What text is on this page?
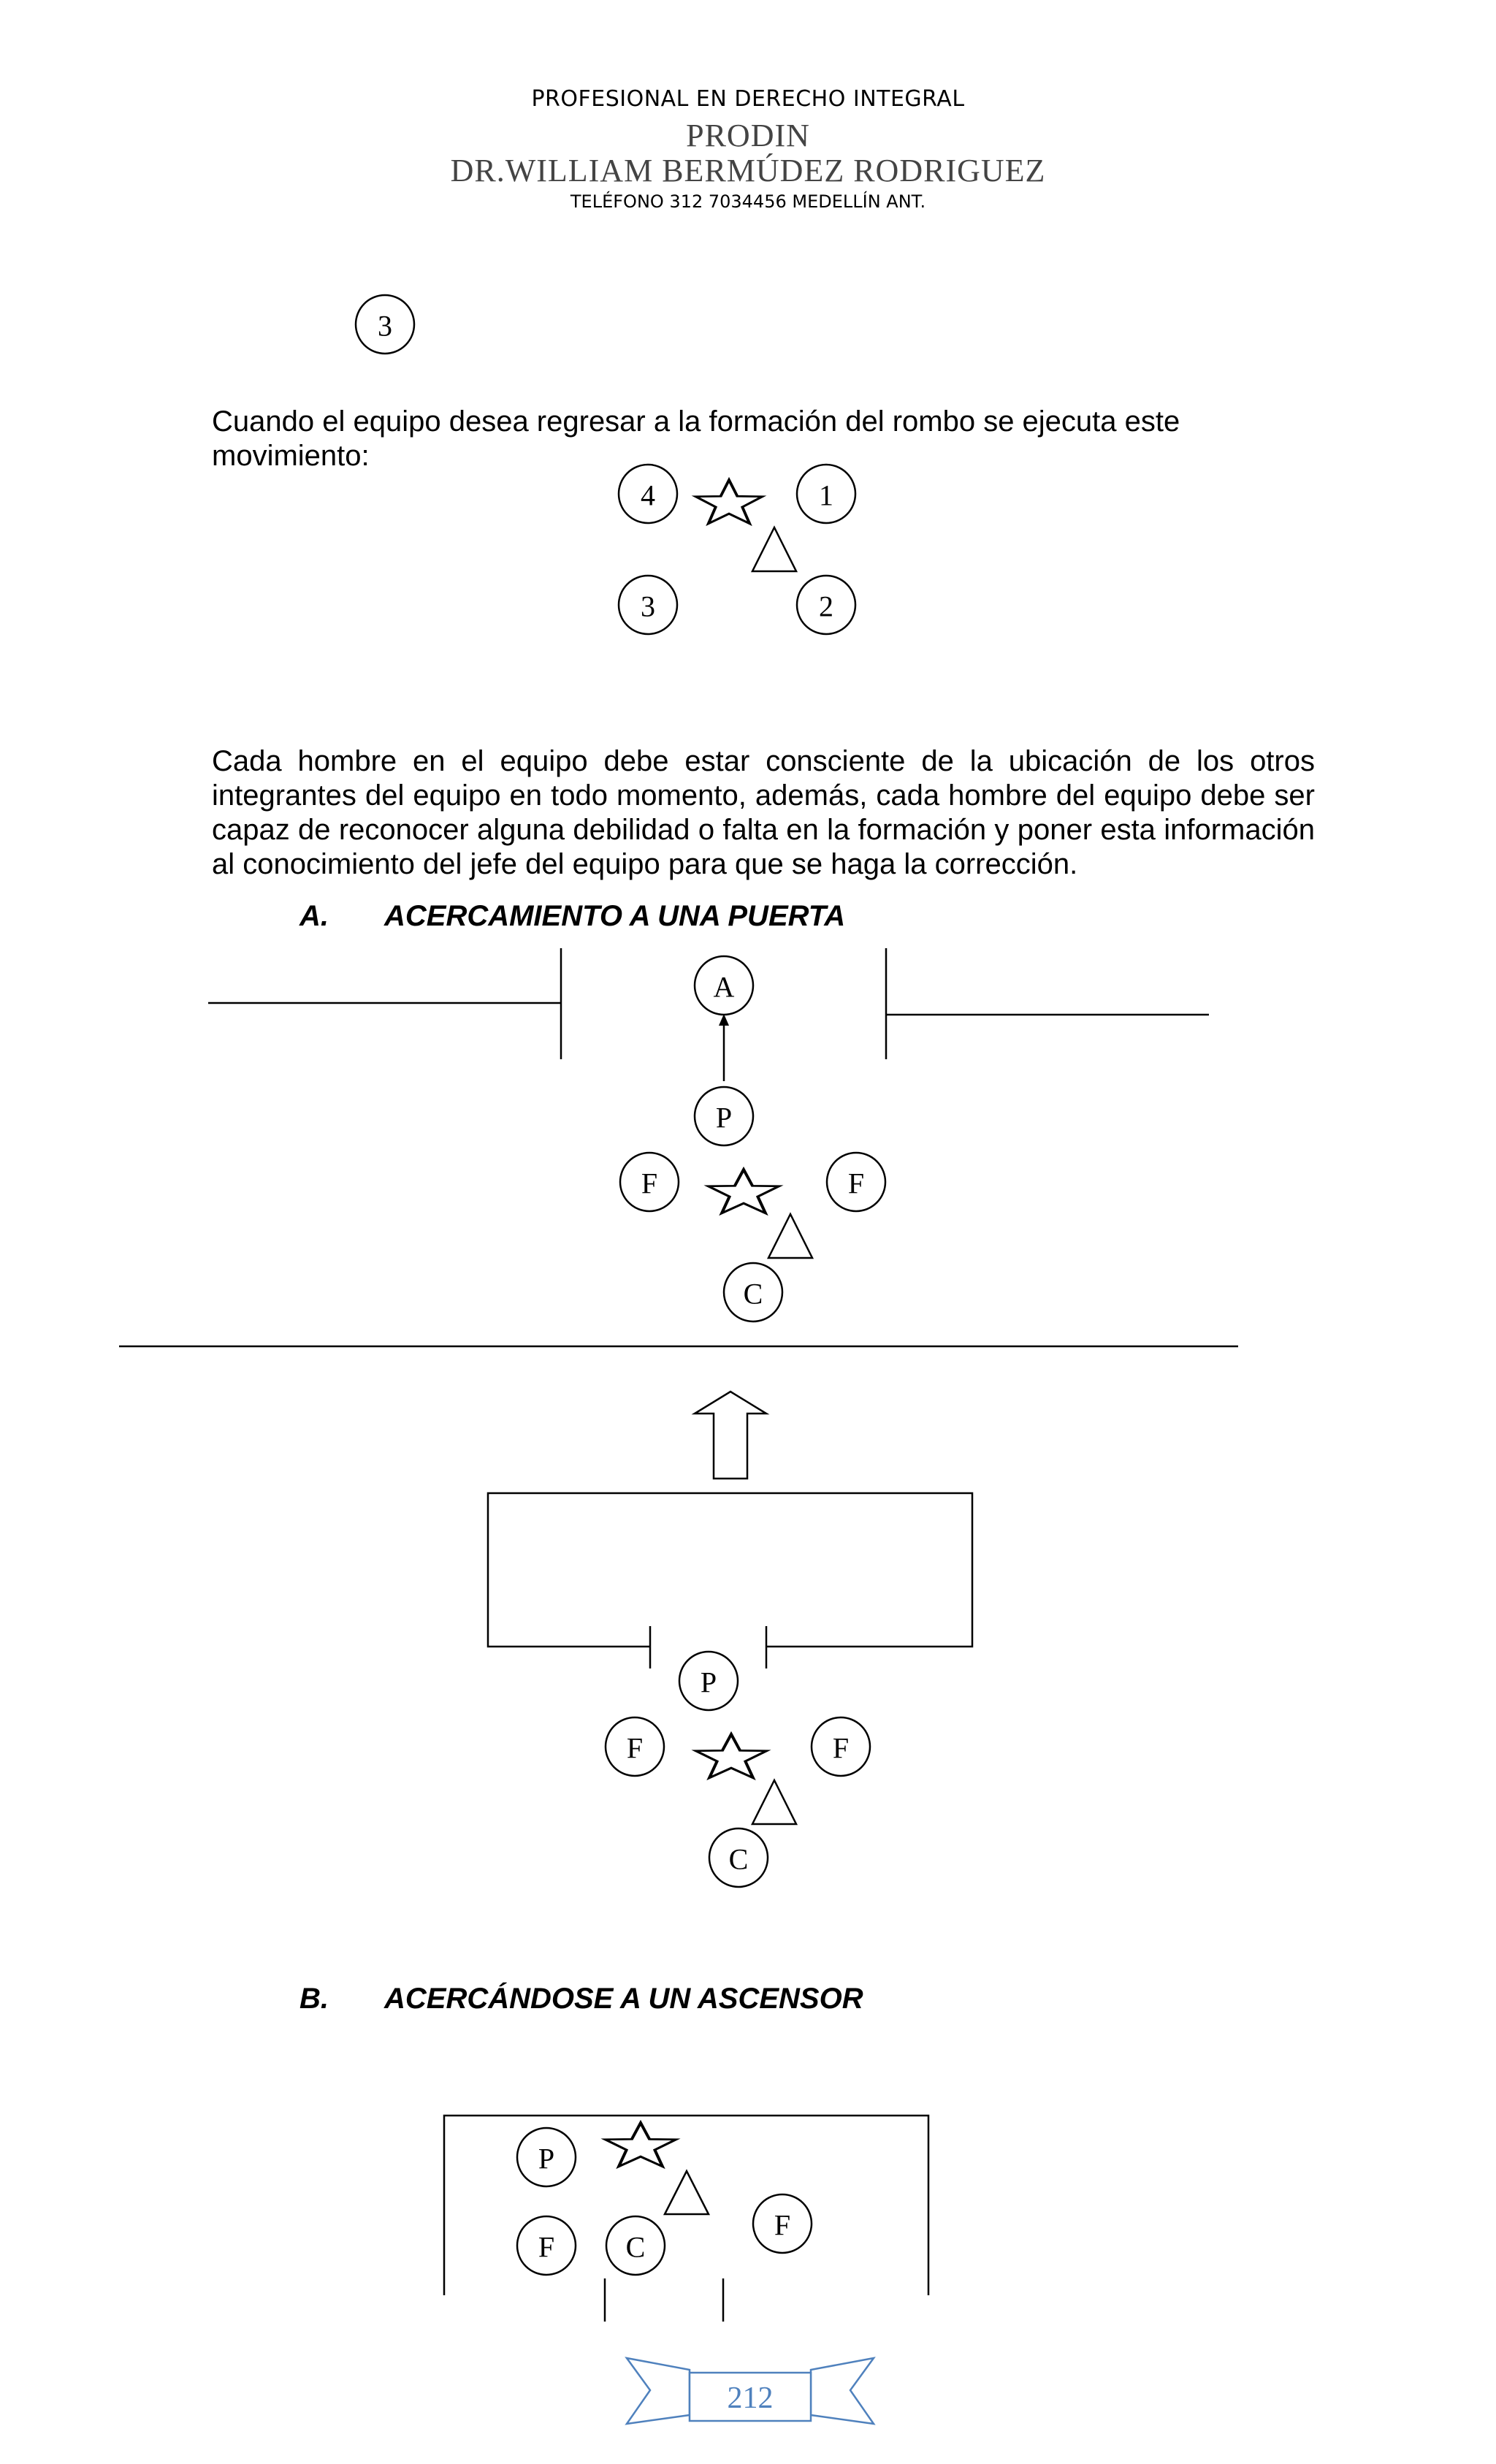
PROFESIONAL EN DERECHO INTEGRAL
PRODIN
DR.WILLIAM BERMÚDEZ RODRIGUEZ
TELÉFONO 312 7034456 MEDELLÍN ANT.
Cuando el equipo desea regresar a la formación del rombo se ejecuta este movimiento:
Cada hombre en el equipo debe estar consciente de la ubicación de los otros integrantes del equipo en todo momento, además, cada hombre del equipo debe ser capaz de reconocer alguna debilidad o falta en la formación y poner esta información al conocimiento del jefe del equipo para que se haga la corrección.
A. ACERCAMIENTO A UNA PUERTA
B. ACERCÁNDOSE A UN ASCENSOR
3
4	1
3	2
A
P
F	F
C
P
F	F
C
P
F C
F
212
